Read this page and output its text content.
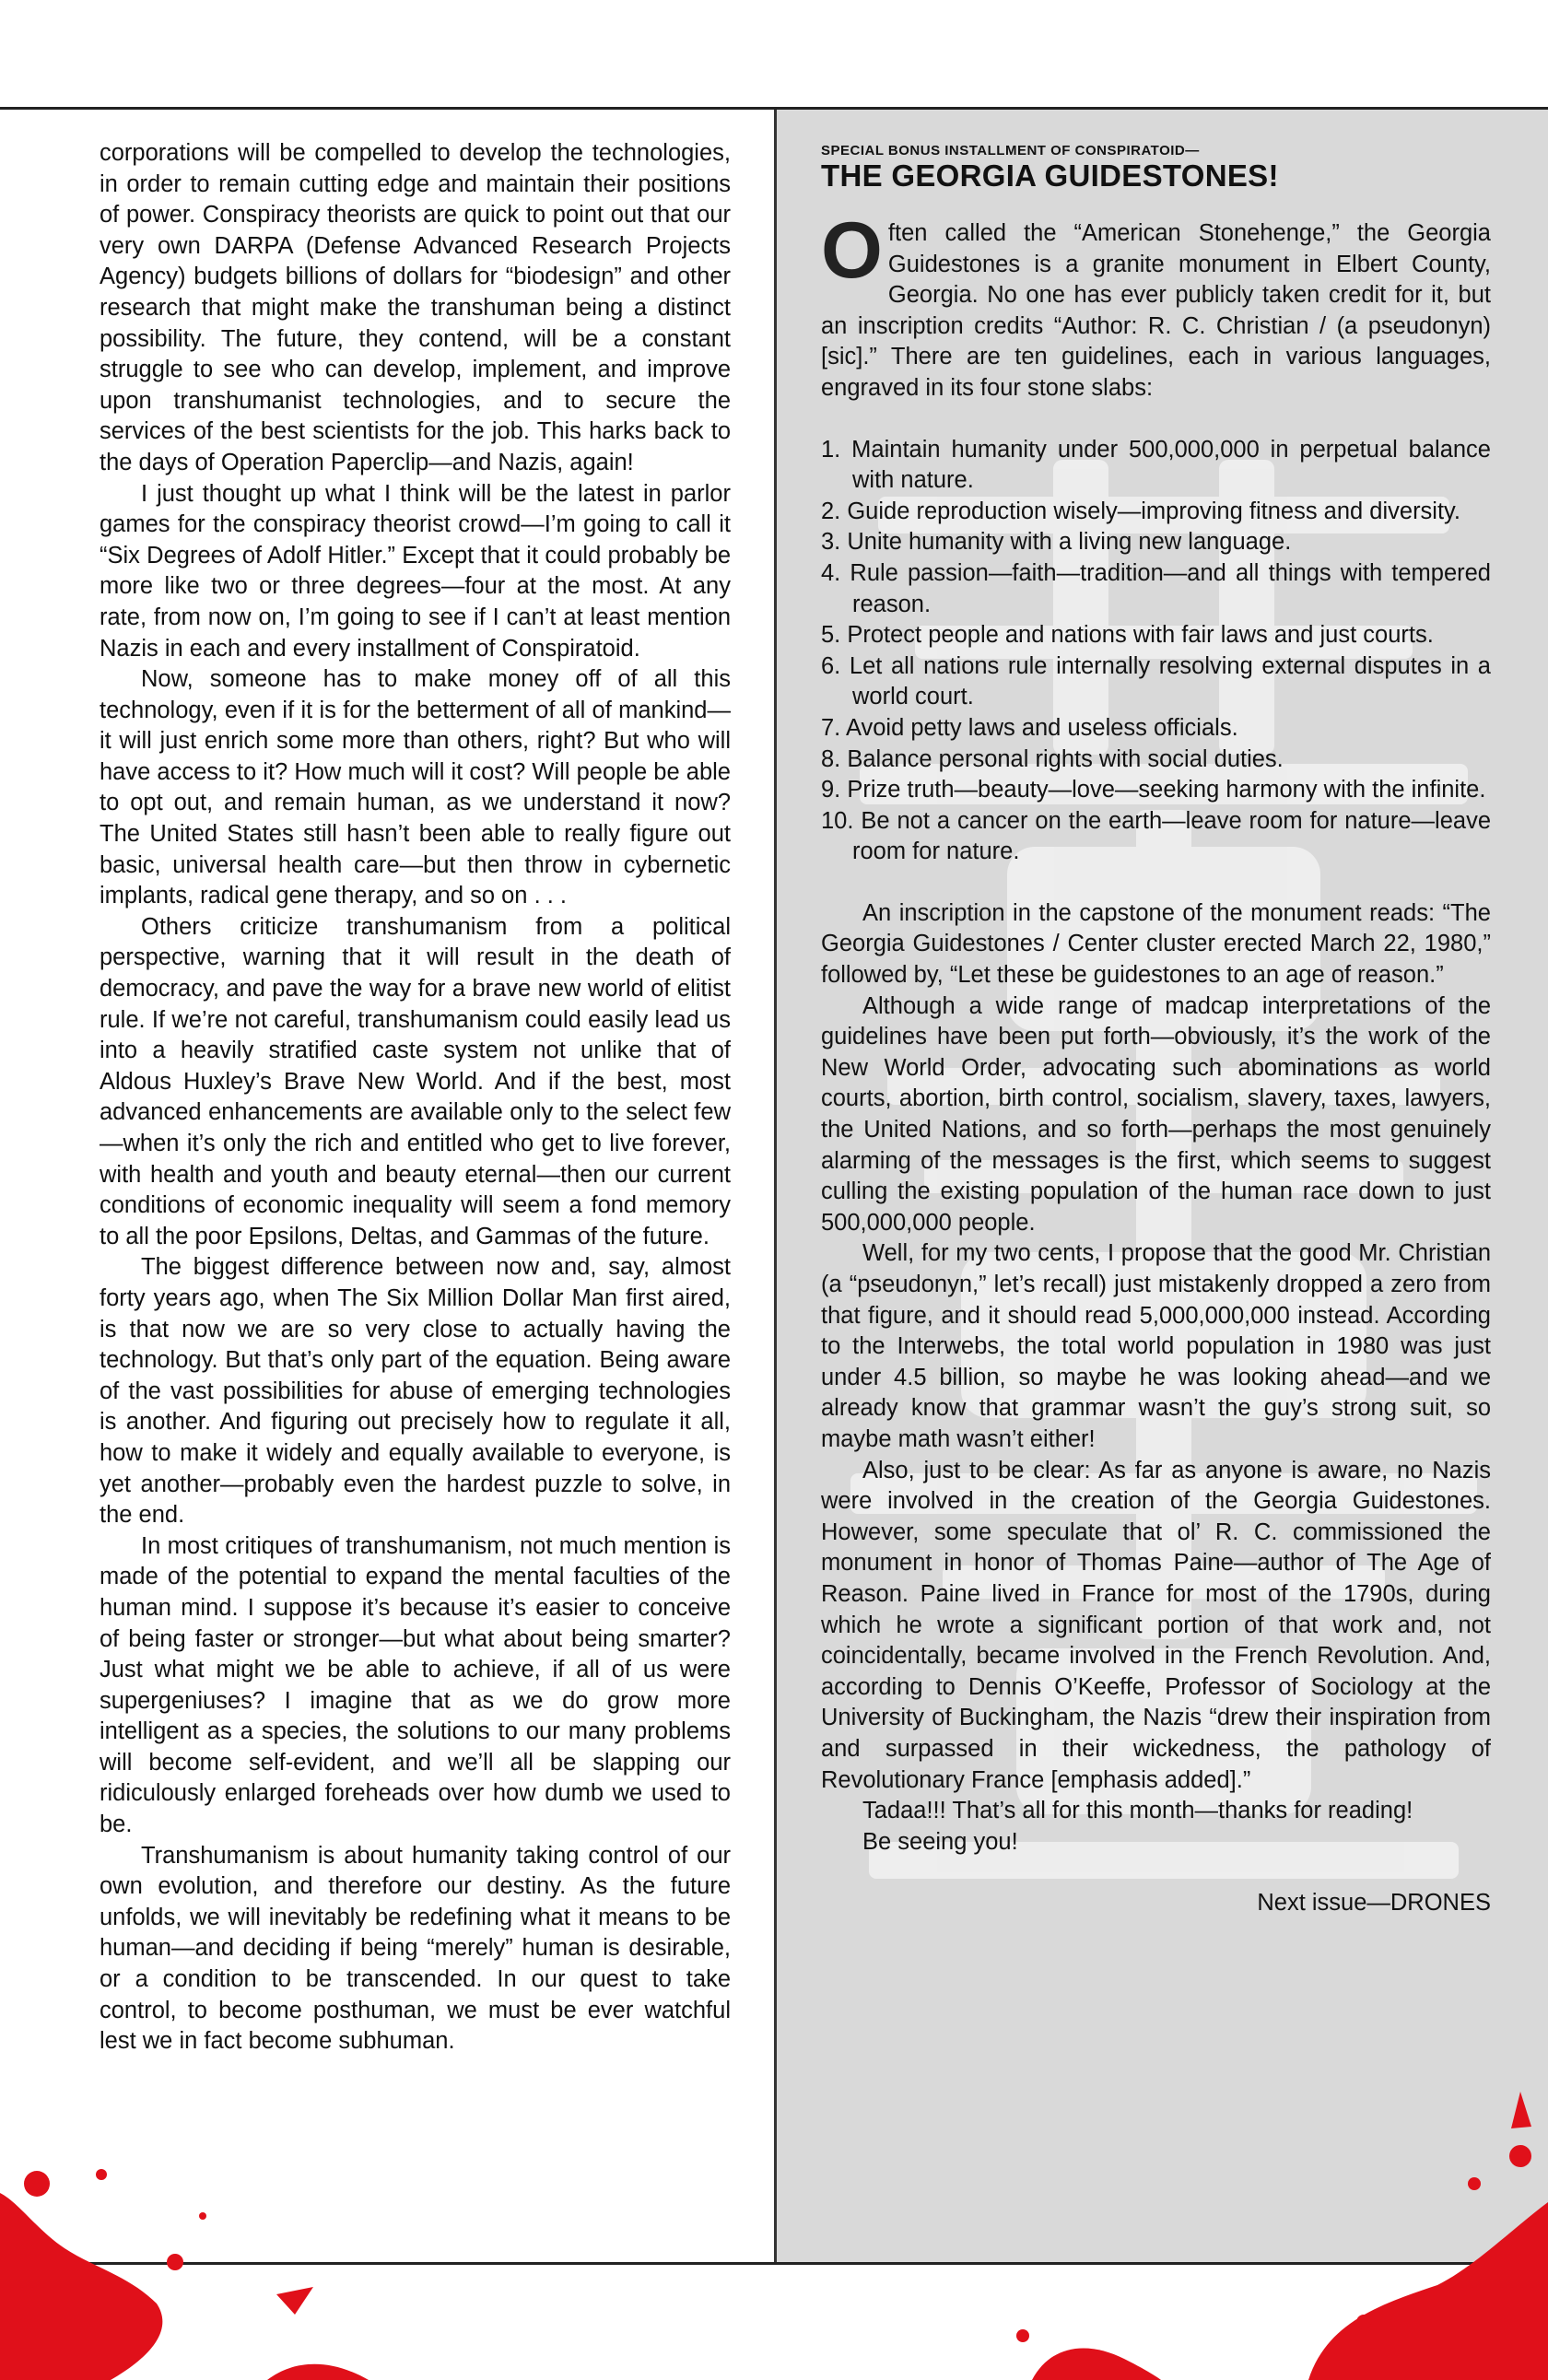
corporations will be compelled to develop the technologies, in order to remain cutting edge and maintain their positions of power. Conspiracy theorists are quick to point out that our very own DARPA (Defense Advanced Research Projects Agency) budgets billions of dollars for “biodesign” and other research that might make the transhuman being a distinct possibility. The future, they contend, will be a constant struggle to see who can develop, implement, and improve upon transhumanist technologies, and to secure the services of the best scientists for the job. This harks back to the days of Operation Paperclip—and Nazis, again!

I just thought up what I think will be the latest in parlor games for the conspiracy theorist crowd—I’m going to call it “Six Degrees of Adolf Hitler.” Except that it could probably be more like two or three degrees—four at the most. At any rate, from now on, I’m going to see if I can’t at least mention Nazis in each and every installment of Conspiratoid.

Now, someone has to make money off of all this technology, even if it is for the betterment of all of mankind—it will just enrich some more than others, right? But who will have access to it? How much will it cost? Will people be able to opt out, and remain human, as we understand it now? The United States still hasn’t been able to really figure out basic, universal health care—but then throw in cybernetic implants, radical gene therapy, and so on . . .

Others criticize transhumanism from a political perspective, warning that it will result in the death of democracy, and pave the way for a brave new world of elitist rule. If we’re not careful, transhumanism could easily lead us into a heavily stratified caste system not unlike that of Aldous Huxley’s Brave New World. And if the best, most advanced enhancements are available only to the select few—when it’s only the rich and entitled who get to live forever, with health and youth and beauty eternal—then our current conditions of economic inequality will seem a fond memory to all the poor Epsilons, Deltas, and Gammas of the future.

The biggest difference between now and, say, almost forty years ago, when The Six Million Dollar Man first aired, is that now we are so very close to actually having the technology. But that’s only part of the equation. Being aware of the vast possibilities for abuse of emerging technologies is another. And figuring out precisely how to regulate it all, how to make it widely and equally available to everyone, is yet another—probably even the hardest puzzle to solve, in the end.

In most critiques of transhumanism, not much mention is made of the potential to expand the mental faculties of the human mind. I suppose it’s because it’s easier to conceive of being faster or stronger—but what about being smarter? Just what might we be able to achieve, if all of us were supergeniuses? I imagine that as we do grow more intelligent as a species, the solutions to our many problems will become self-evident, and we’ll all be slapping our ridiculously enlarged foreheads over how dumb we used to be.

Transhumanism is about humanity taking control of our own evolution, and therefore our destiny. As the future unfolds, we will inevitably be redefining what it means to be human—and deciding if being “merely” human is desirable, or a condition to be transcended. In our quest to take control, to become posthuman, we must be ever watchful lest we in fact become subhuman.

SPECIAL BONUS INSTALLMENT OF CONSPIRATOID—
THE GEORGIA GUIDESTONES!

Often called the “American Stonehenge,” the Georgia Guidestones is a granite monument in Elbert County, Georgia. No one has ever publicly taken credit for it, but an inscription credits “Author: R. C. Christian / (a pseudonyn) [sic].” There are ten guidelines, each in various languages, engraved in its four stone slabs:

1. Maintain humanity under 500,000,000 in perpetual balance with nature.
2. Guide reproduction wisely—improving fitness and diversity.
3. Unite humanity with a living new language.
4. Rule passion—faith—tradition—and all things with tempered reason.
5. Protect people and nations with fair laws and just courts.
6. Let all nations rule internally resolving external disputes in a world court.
7. Avoid petty laws and useless officials.
8. Balance personal rights with social duties.
9. Prize truth—beauty—love—seeking harmony with the infinite.
10. Be not a cancer on the earth—leave room for nature—leave room for nature.

An inscription in the capstone of the monument reads: “The Georgia Guidestones / Center cluster erected March 22, 1980,” followed by, “Let these be guidestones to an age of reason.”

Although a wide range of madcap interpretations of the guidelines have been put forth—obviously, it’s the work of the New World Order, advocating such abominations as world courts, abortion, birth control, socialism, slavery, taxes, lawyers, the United Nations, and so forth—perhaps the most genuinely alarming of the messages is the first, which seems to suggest culling the existing population of the human race down to just 500,000,000 people.

Well, for my two cents, I propose that the good Mr. Christian (a “pseudonyn,” let’s recall) just mistakenly dropped a zero from that figure, and it should read 5,000,000,000 instead. According to the Interwebs, the total world population in 1980 was just under 4.5 billion, so maybe he was looking ahead—and we already know that grammar wasn’t the guy’s strong suit, so maybe math wasn’t either!

Also, just to be clear: As far as anyone is aware, no Nazis were involved in the creation of the Georgia Guidestones. However, some speculate that ol’ R. C. commissioned the monument in honor of Thomas Paine—author of The Age of Reason. Paine lived in France for most of the 1790s, during which he wrote a significant portion of that work and, not coincidentally, became involved in the French Revolution. And, according to Dennis O’Keeffe, Professor of Sociology at the University of Buckingham, the Nazis “drew their inspiration from and surpassed in their wickedness, the pathology of Revolutionary France [emphasis added].”

Tadaa!!! That’s all for this month—thanks for reading!

Be seeing you!

Next issue—DRONES
